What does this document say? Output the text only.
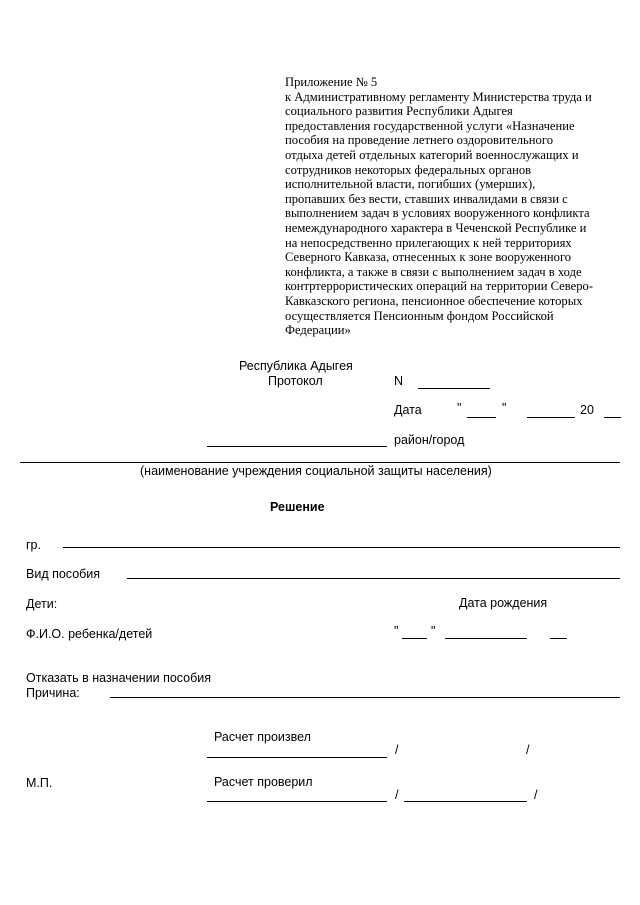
Приложение № 5
к Административному регламенту Министерства труда и
социального развития Республики Адыгея
предоставления государственной услуги «Назначение
пособия на проведение летнего оздоровительного
отдыха детей отдельных категорий военнослужащих и
сотрудников некоторых федеральных органов
исполнительной власти, погибших (умерших),
пропавших без вести, ставших инвалидами в связи с
выполнением задач в условиях вооруженного конфликта
немеждународного характера в Чеченской Республике и
на непосредственно прилегающих к ней территориях
Северного Кавказа, отнесенных к зоне вооруженного
конфликта, а также в связи с выполнением задач в ходе
контртеррористических операций на территории Северо-
Кавказского региона, пенсионное обеспечение которых
осуществляется Пенсионным фондом Российской
Федерации»
Республика Адыгея
Протокол	N
Дата	"	"	20
район/город
(наименование учреждения социальной защиты населения)
Решение
гр.
Вид пособия
Дети:	Дата рождения
Ф.И.О. ребенка/детей	"	"
Отказать в назначении пособия
Причина:
Расчет произвел
/	/
М.П.	Расчет проверил
/	/
